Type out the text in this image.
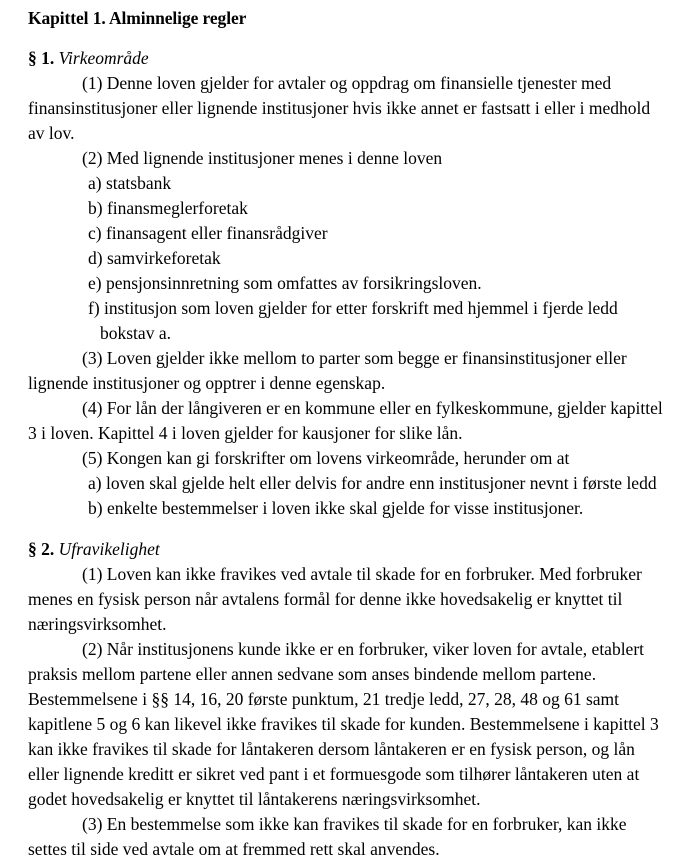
Kapittel 1. Alminnelige regler

§ 1. Virkeområde

(1) Denne loven gjelder for avtaler og oppdrag om finansielle tjenester med finansinstitusjoner eller lignende institusjoner hvis ikke annet er fastsatt i eller i medhold av lov.

(2) Med lignende institusjoner menes i denne loven

a) statsbank

b) finansmeglerforetak

c) finansagent eller finansrådgiver

d) samvirkeforetak

e) pensjonsinnretning som omfattes av forsikringsloven.

f) institusjon som loven gjelder for etter forskrift med hjemmel i fjerde ledd bokstav a.

(3) Loven gjelder ikke mellom to parter som begge er finansinstitusjoner eller lignende institusjoner og opptrer i denne egenskap.

(4) For lån der långiveren er en kommune eller en fylkeskommune, gjelder kapittel 3 i loven. Kapittel 4 i loven gjelder for kausjoner for slike lån.

(5) Kongen kan gi forskrifter om lovens virkeområde, herunder om at

a) loven skal gjelde helt eller delvis for andre enn institusjoner nevnt i første ledd

b) enkelte bestemmelser i loven ikke skal gjelde for visse institusjoner.

§ 2. Ufravikelighet

(1) Loven kan ikke fravikes ved avtale til skade for en forbruker. Med forbruker menes en fysisk person når avtalens formål for denne ikke hovedsakelig er knyttet til næringsvirksomhet.

(2) Når institusjonens kunde ikke er en forbruker, viker loven for avtale, etablert praksis mellom partene eller annen sedvane som anses bindende mellom partene. Bestemmelsene i §§ 14, 16, 20 første punktum, 21 tredje ledd, 27, 28, 48 og 61 samt kapitlene 5 og 6 kan likevel ikke fravikes til skade for kunden. Bestemmelsene i kapittel 3 kan ikke fravikes til skade for låntakeren dersom låntakeren er en fysisk person, og lån eller lignende kreditt er sikret ved pant i et formuesgode som tilhører låntakeren uten at godet hovedsakelig er knyttet til låntakerens næringsvirksomhet.

(3) En bestemmelse som ikke kan fravikes til skade for en forbruker, kan ikke settes til side ved avtale om at fremmed rett skal anvendes.
